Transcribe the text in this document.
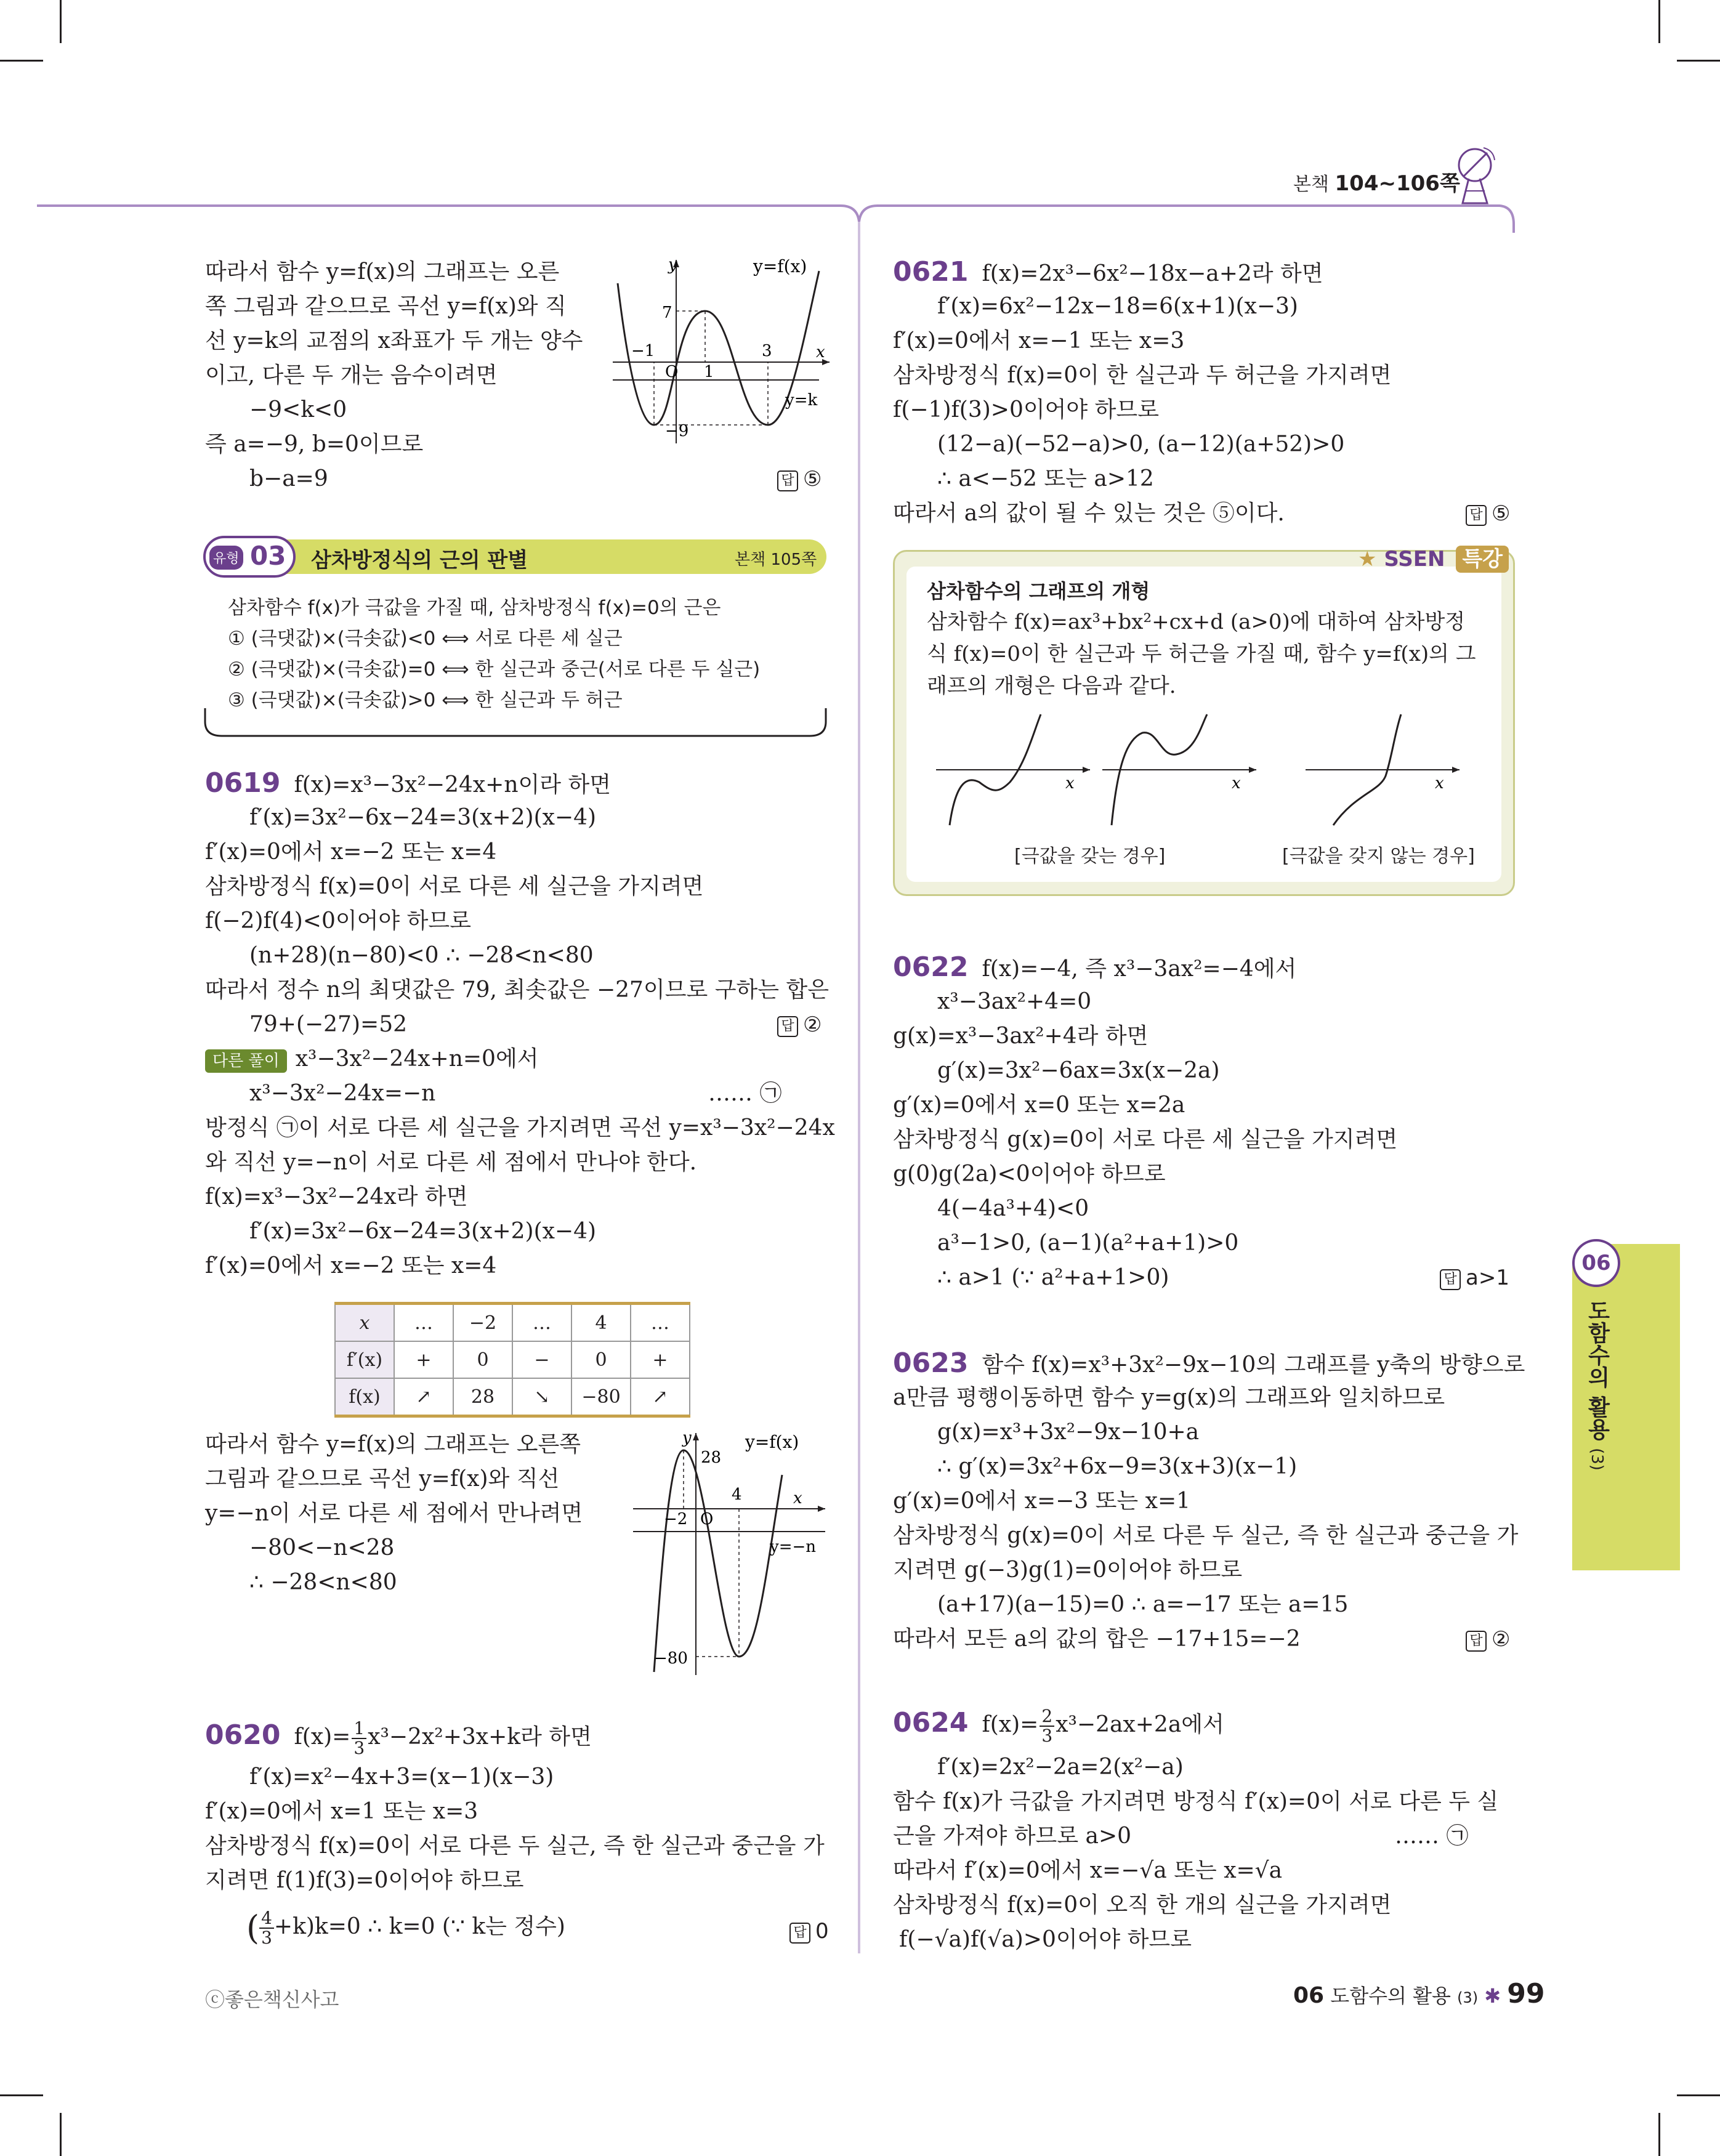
본책 104~106쪽
따라서 함수 y=f(x)의 그래프는 오른
쪽 그림과 같으므로 곡선 y=f(x)와 직
선 y=k의 교점의 x좌표가 두 개는 양수
이고, 다른 두 개는 음수이려면
−9<k<0
즉 a=−9, b=0이므로
b−a=9	답 ⑤
y	y=f(x)
x
y=k
7
−1
O 1
3
−9
유형 03 삼차방정식의 근의 판별	본책 105쪽
삼차함수 f(x)가 극값을 가질 때, 삼차방정식 f(x)=0의 근은
① (극댓값)×(극솟값)<0 ⟺ 서로 다른 세 실근
② (극댓값)×(극솟값)=0 ⟺ 한 실근과 중근(서로 다른 두 실근)
③ (극댓값)×(극솟값)>0 ⟺ 한 실근과 두 허근
0619 f(x)=x³−3x²−24x+n이라 하면
f′(x)=3x²−6x−24=3(x+2)(x−4)
f′(x)=0에서 x=−2 또는 x=4
삼차방정식 f(x)=0이 서로 다른 세 실근을 가지려면
f(−2)f(4)<0이어야 하므로
(n+28)(n−80)<0 ∴ −28<n<80
따라서 정수 n의 최댓값은 79, 최솟값은 −27이므로 구하는 합은
79+(−27)=52	답 ②
다른 풀이 x³−3x²−24x+n=0에서
x³−3x²−24x=−n	…… ㉠
방정식 ㉠이 서로 다른 세 실근을 가지려면 곡선 y=x³−3x²−24x
와 직선 y=−n이 서로 다른 세 점에서 만나야 한다.
f(x)=x³−3x²−24x라 하면
f′(x)=3x²−6x−24=3(x+2)(x−4)
f′(x)=0에서 x=−2 또는 x=4
x	…	−2	…	4	…
f′(x)	+	0	−	0	+
f(x)	↗	28	↘	−80	↗
따라서 함수 y=f(x)의 그래프는 오른쪽
그림과 같으므로 곡선 y=f(x)와 직선
y=−n이 서로 다른 세 점에서 만나려면
−80<−n<28
∴ −28<n<80
y
28
y=f(x)
4
−2 O
x
y=−n
−80
0620 $f(x)= \frac{1}{3} x^3-2x^2+3x+k$라 하면
f′(x)=x²−4x+3=(x−1)(x−3)
f′(x)=0에서 x=1 또는 x=3
삼차방정식 f(x)=0이 서로 다른 두 실근, 즉 한 실근과 중근을 가
지려면 f(1)f(3)=0이어야 하므로
( $\frac{4}{3} +k)k=0$ ∴ k=0 (∵ k는 정수)	답 0
ⓒ좋은책신사고
0621 f(x)=2x³−6x²−18x−a+2라 하면
f′(x)=6x²−12x−18=6(x+1)(x−3)
f′(x)=0에서 x=−1 또는 x=3
삼차방정식 f(x)=0이 한 실근과 두 허근을 가지려면
f(−1)f(3)>0이어야 하므로
(12−a)(−52−a)>0, (a−12)(a+52)>0
∴ a<−52 또는 a>12
따라서 a의 값이 될 수 있는 것은 ⑤이다.	답 ⑤
★ SSEN 특강
삼차함수의 그래프의 개형
삼차함수 f(x)=ax³+bx²+cx+d (a>0)에 대하여 삼차방정
식 f(x)=0이 한 실근과 두 허근을 가질 때, 함수 y=f(x)의 그
래프의 개형은 다음과 같다.
x	x	x
[극값을 갖는 경우]	[극값을 갖지 않는 경우]
0622 f(x)=−4, 즉 x³−3ax²=−4에서
x³−3ax²+4=0
g(x)=x³−3ax²+4라 하면
g′(x)=3x²−6ax=3x(x−2a)
g′(x)=0에서 x=0 또는 x=2a
삼차방정식 g(x)=0이 서로 다른 세 실근을 가지려면
g(0)g(2a)<0이어야 하므로
4(−4a³+4)<0
a³−1>0, (a−1)(a²+a+1)>0
∴ a>1 (∵ a²+a+1>0)	답 a>1
0623 함수 f(x)=x³+3x²−9x−10의 그래프를 y축의 방향으로
a만큼 평행이동하면 함수 y=g(x)의 그래프와 일치하므로
g(x)=x³+3x²−9x−10+a
∴ g′(x)=3x²+6x−9=3(x+3)(x−1)
g′(x)=0에서 x=−3 또는 x=1
삼차방정식 g(x)=0이 서로 다른 두 실근, 즉 한 실근과 중근을 가
지려면 g(−3)g(1)=0이어야 하므로
(a+17)(a−15)=0 ∴ a=−17 또는 a=15
따라서 모든 a의 값의 합은 −17+15=−2	답 ②
0624 $f(x)= \frac{2}{3} x^3-2ax+2a$에서
f′(x)=2x²−2a=2(x²−a)
함수 f(x)가 극값을 가지려면 방정식 f′(x)=0이 서로 다른 두 실
근을 가져야 하므로 a>0	…… ㉠
따라서 f′(x)=0에서 x=−√a 또는 x=√a
삼차방정식 f(x)=0이 오직 한 개의 실근을 가지려면
f(−√a)f(√a)>0이어야 하므로
06 도함수의 활용 (3) ✱ 99
06
도함수의 활용 (3)
